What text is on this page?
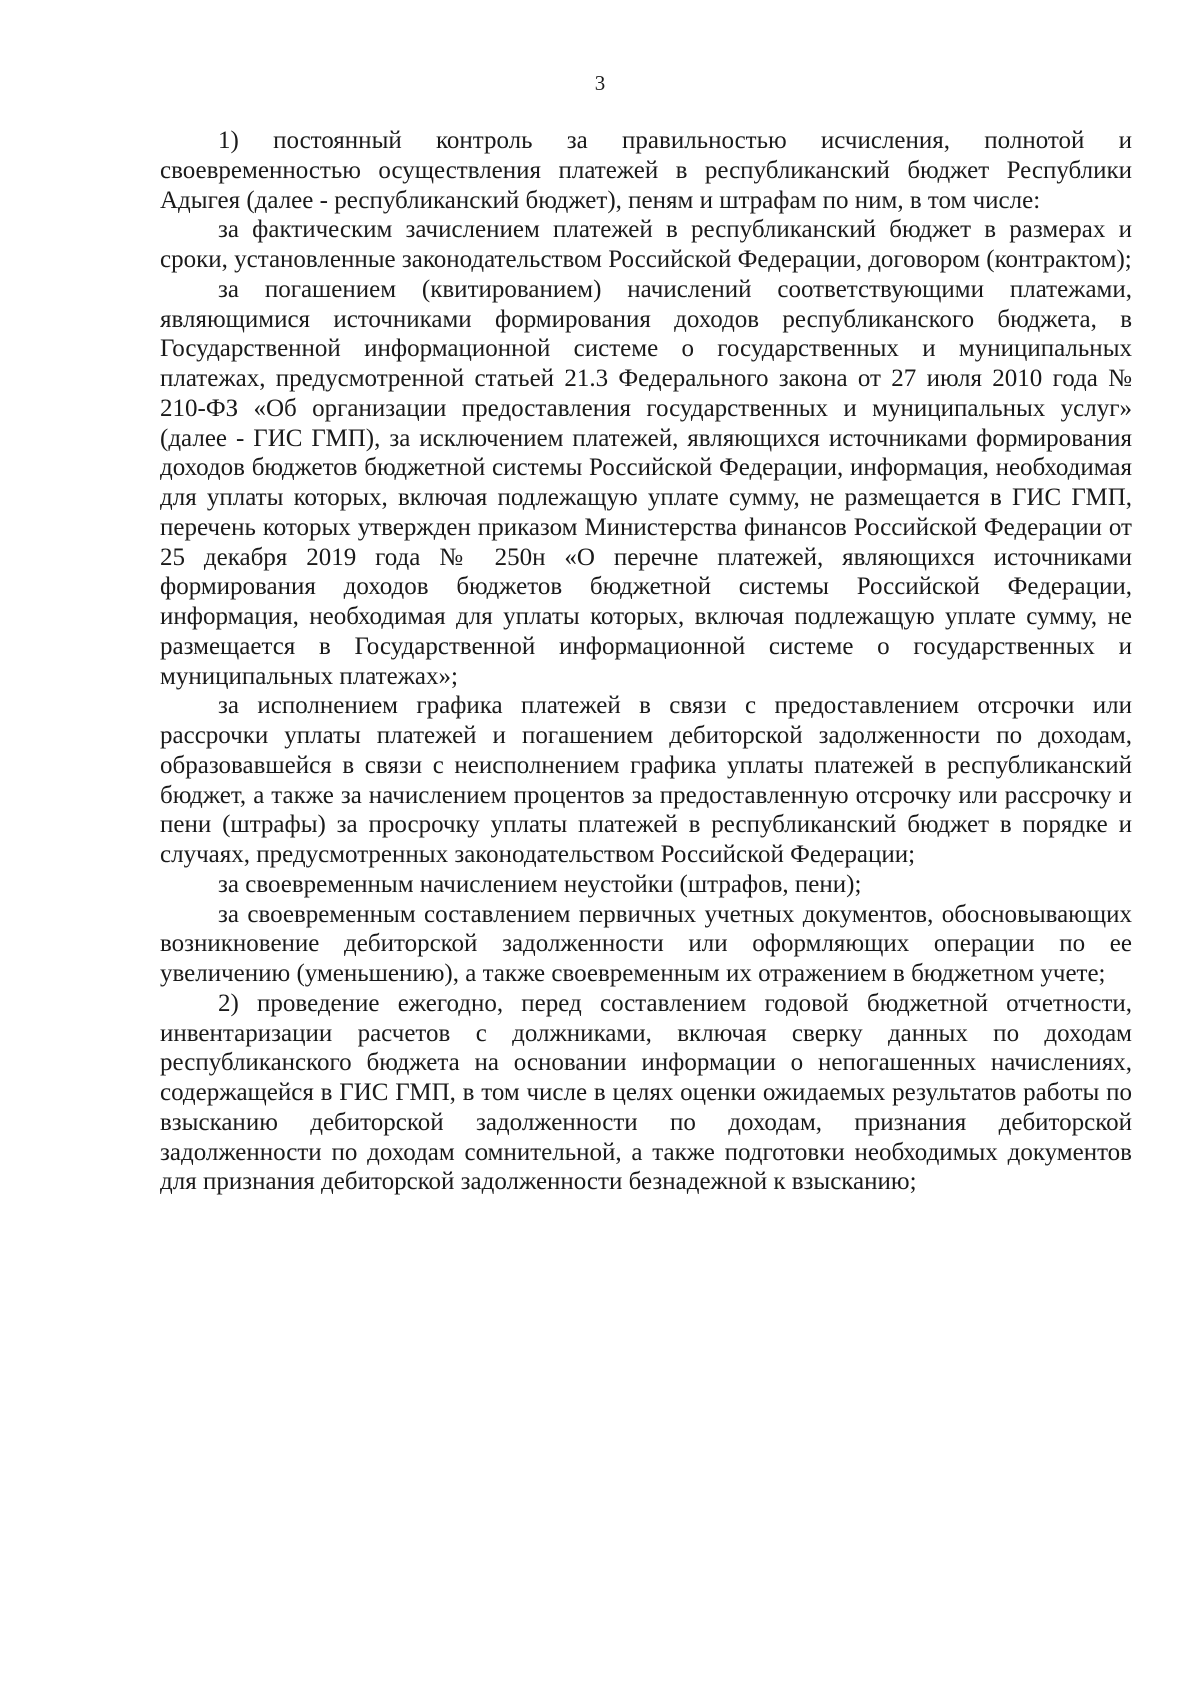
3

1) постоянный контроль за правильностью исчисления, полнотой и своевременностью осуществления платежей в республиканский бюджет Республики Адыгея (далее - республиканский бюджет), пеням и штрафам по ним, в том числе:

за фактическим зачислением платежей в республиканский бюджет в размерах и сроки, установленные законодательством Российской Федерации, договором (контрактом);

за погашением (квитированием) начислений соответствующими платежами, являющимися источниками формирования доходов республиканского бюджета, в Государственной информационной системе о государственных и муниципальных платежах, предусмотренной статьей 21.3 Федерального закона от 27 июля 2010 года № 210-ФЗ «Об организации предоставления государственных и муниципальных услуг» (далее - ГИС ГМП), за исключением платежей, являющихся источниками формирования доходов бюджетов бюджетной системы Российской Федерации, информация, необходимая для уплаты которых, включая подлежащую уплате сумму, не размещается в ГИС ГМП, перечень которых утвержден приказом Министерства финансов Российской Федерации от 25 декабря 2019 года № 250н «О перечне платежей, являющихся источниками формирования доходов бюджетов бюджетной системы Российской Федерации, информация, необходимая для уплаты которых, включая подлежащую уплате сумму, не размещается в Государственной информационной системе о государственных и муниципальных платежах»;

за исполнением графика платежей в связи с предоставлением отсрочки или рассрочки уплаты платежей и погашением дебиторской задолженности по доходам, образовавшейся в связи с неисполнением графика уплаты платежей в республиканский бюджет, а также за начислением процентов за предоставленную отсрочку или рассрочку и пени (штрафы) за просрочку уплаты платежей в республиканский бюджет в порядке и случаях, предусмотренных законодательством Российской Федерации;

за своевременным начислением неустойки (штрафов, пени);

за своевременным составлением первичных учетных документов, обосновывающих возникновение дебиторской задолженности или оформляющих операции по ее увеличению (уменьшению), а также своевременным их отражением в бюджетном учете;

2) проведение ежегодно, перед составлением годовой бюджетной отчетности, инвентаризации расчетов с должниками, включая сверку данных по доходам республиканского бюджета на основании информации о непогашенных начислениях, содержащейся в ГИС ГМП, в том числе в целях оценки ожидаемых результатов работы по взысканию дебиторской задолженности по доходам, признания дебиторской задолженности по доходам сомнительной, а также подготовки необходимых документов для признания дебиторской задолженности безнадежной к взысканию;
